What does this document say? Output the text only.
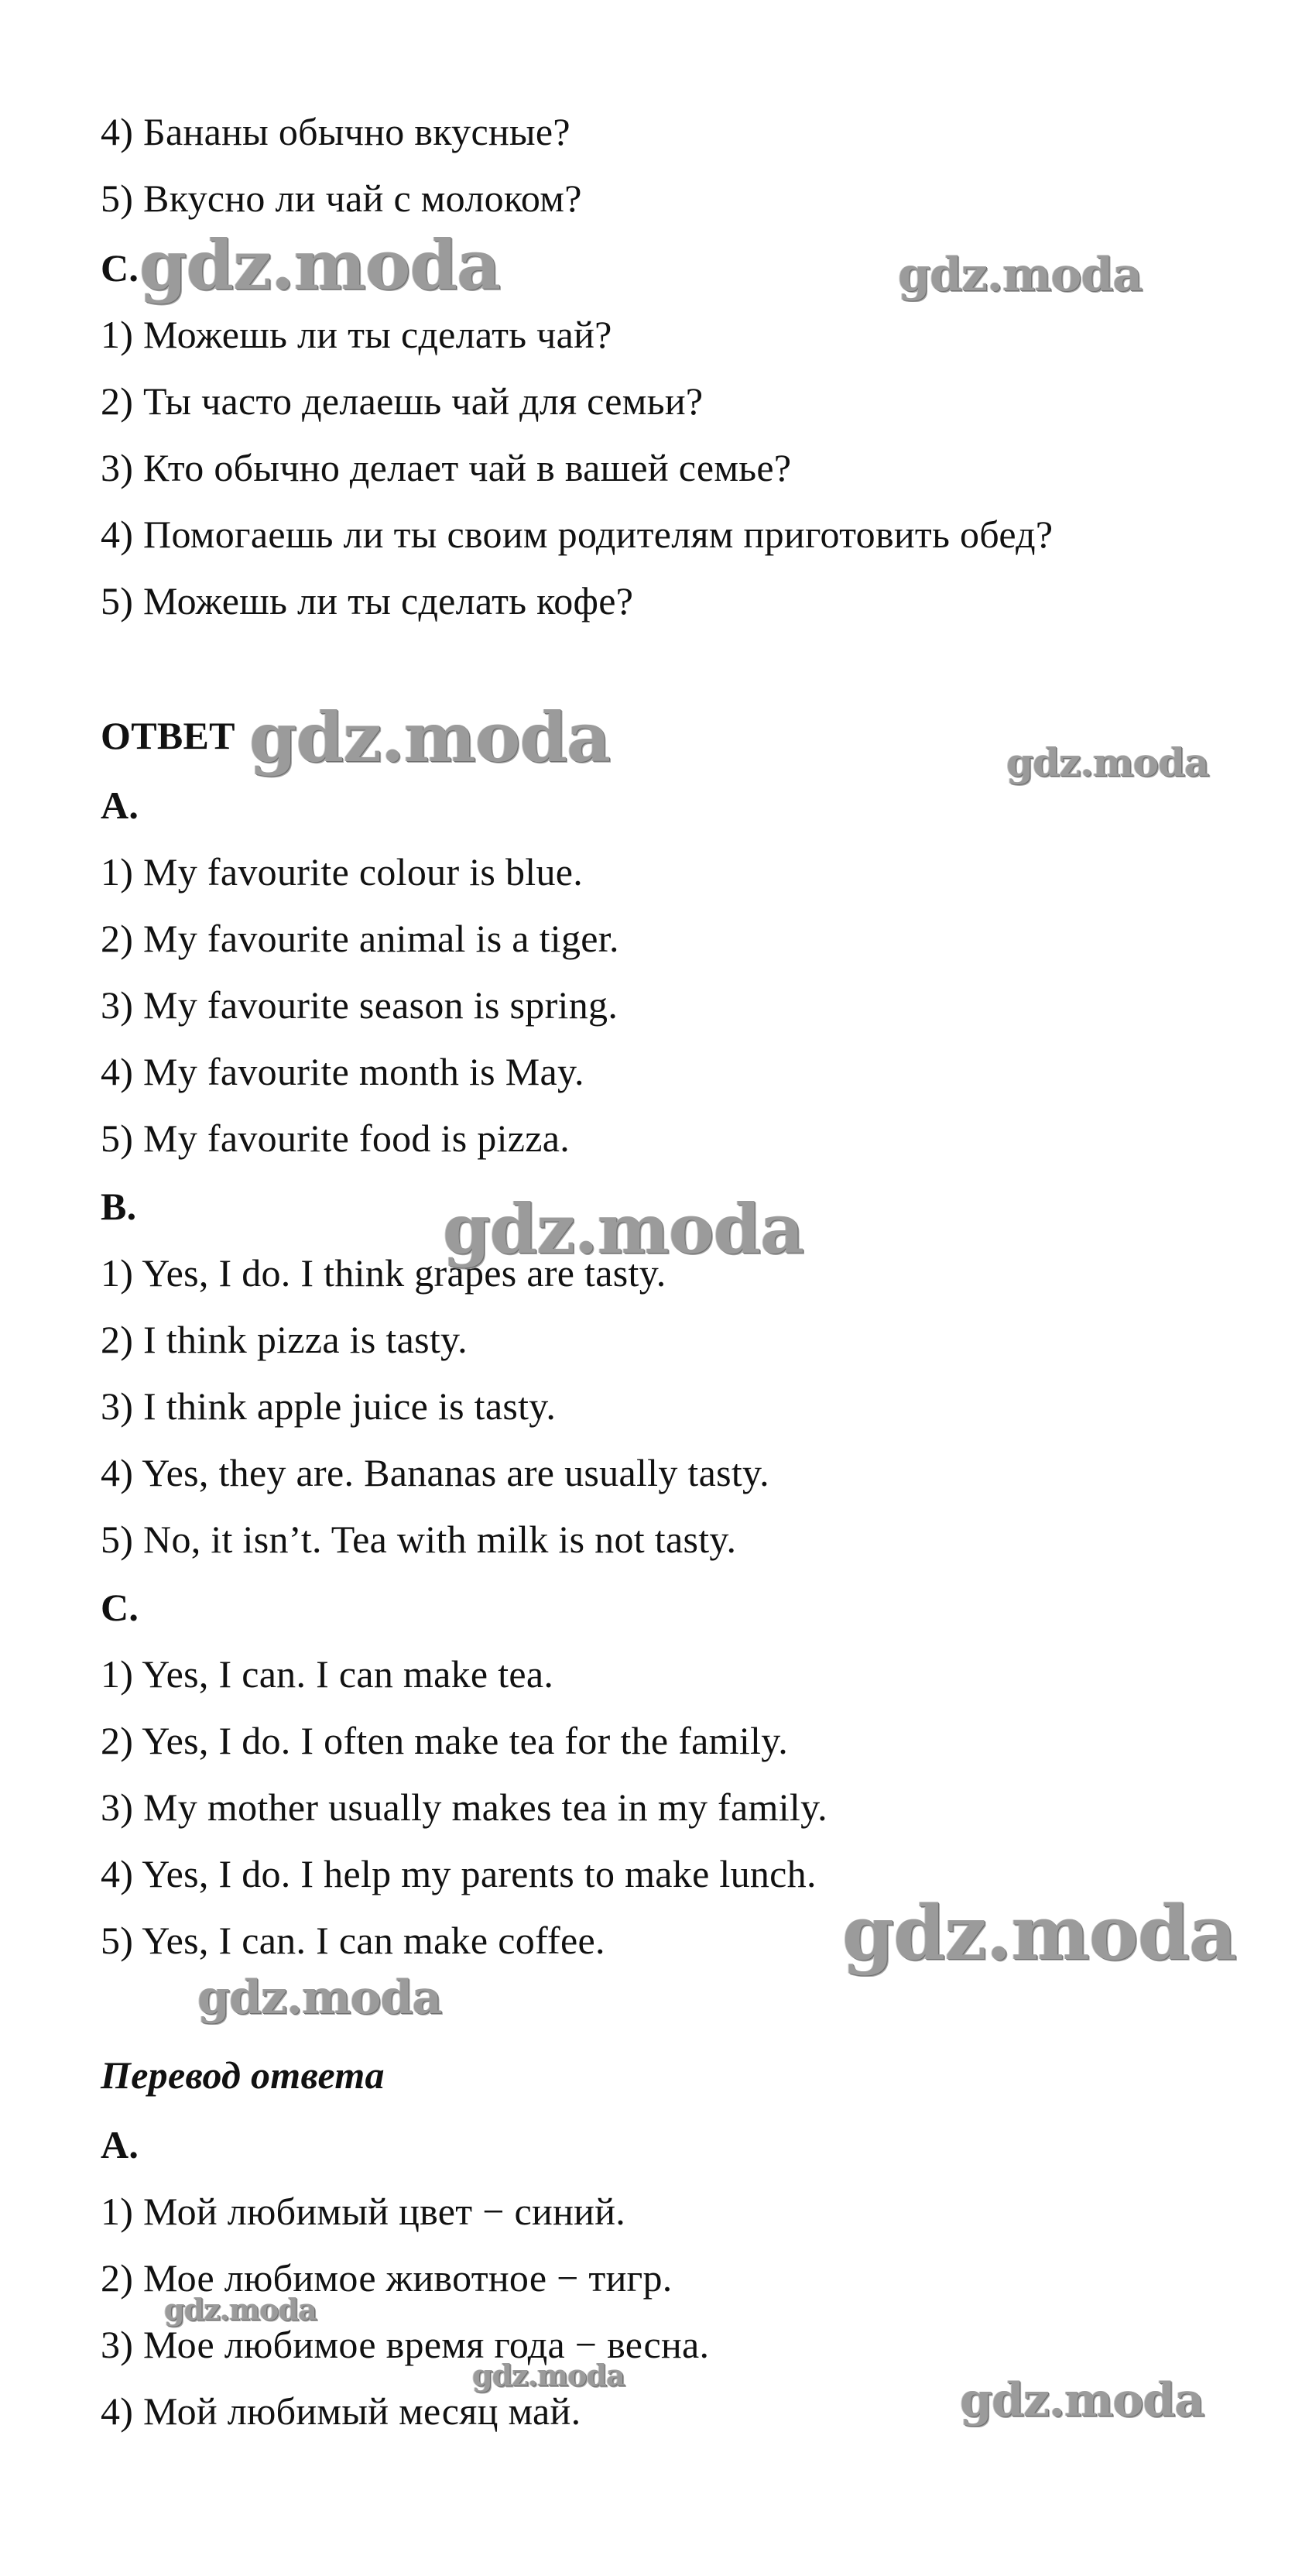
4) Бананы обычно вкусные?
5) Вкусно ли чай с молоком?
С.
1) Можешь ли ты сделать чай?
2) Ты часто делаешь чай для семьи?
3) Кто обычно делает чай в вашей семье?
4) Помогаешь ли ты своим родителям приготовить обед?
5) Можешь ли ты сделать кофе?
ОТВЕТ
A.
1) My favourite colour is blue.
2) My favourite animal is a tiger.
3) My favourite season is spring.
4) My favourite month is May.
5) My favourite food is pizza.
B.
1) Yes, I do. I think grapes are tasty.
2) I think pizza is tasty.
3) I think apple juice is tasty.
4) Yes, they are. Bananas are usually tasty.
5) No, it isn’t. Tea with milk is not tasty.
C.
1) Yes, I can. I can make tea.
2) Yes, I do. I often make tea for the family.
3) My mother usually makes tea in my family.
4) Yes, I do. I help my parents to make lunch.
5) Yes, I can. I can make coffee.
Перевод ответа
A.
1) Мой любимый цвет − синий.
2) Мое любимое животное − тигр.
3) Мое любимое время года − весна.
4) Мой любимый месяц май.
gdz.moda	gdz.moda
gdz.moda	gdz.moda
gdz.moda
gdz.moda
gdz.moda
gdz.moda
gdz.moda	gdz.moda
